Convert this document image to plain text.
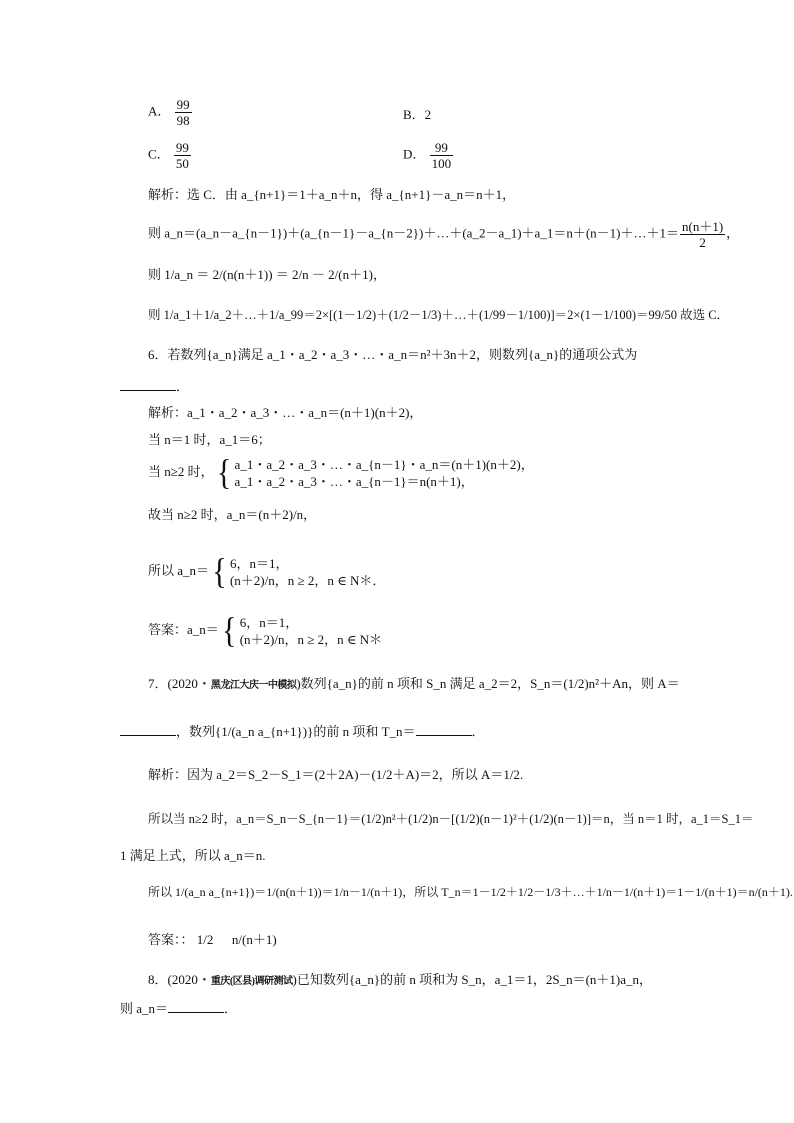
A． $\frac{99}{98}$	B．2
C． $\frac{99}{50}$	D． $\frac{99}{100}$
解析：选 C．由 a_{n+1}＝1＋a_n＋n，得 a_{n+1}－a_n＝n＋1，
则 a_n＝(a_n－a_{n－1})＋(a_{n－1}－a_{n－2})＋…＋(a_2－a_1)＋a_1＝n＋(n－1)＋…＋1＝ $\frac{n(n+1)}{2}$ ，
则 1/a_n ＝ 2/(n(n＋1)) ＝ 2/n － 2/(n＋1)，
则 1/a_1＋1/a_2＋…＋1/a_99＝2×[(1－1/2)＋(1/2－1/3)＋…＋(1/99－1/100)]＝2×(1－1/100)＝99/50 故选 C．
6．若数列{a_n}满足 a_1・a_2・a_3・…・a_n＝n²＋3n＋2，则数列{a_n}的通项公式为
．
解析：a_1・a_2・a_3・…・a_n＝(n＋1)(n＋2)，
当 n＝1 时，a_1＝6；
当 n≥2 时， { a_1・a_2・a_3・…・a_{n－1}・a_n＝(n＋1)(n＋2)，
a_1・a_2・a_3・…・a_{n－1}＝n(n＋1)，
故当 n≥2 时，a_n＝(n＋2)/n，
所以 a_n＝ { 6，n＝1，
(n＋2)/n，n ≥ 2，n ∈ N＊．
答案：a_n＝ { 6，n＝1，
(n＋2)/n，n ≥ 2，n ∈ N＊
7．(2020・黑龙江大庆一中模拟)数列{a_n}的前 n 项和 S_n 满足 a_2＝2，S_n＝(1/2)n²＋An，则 A＝
，数列{1/(a_n a_{n+1})}的前 n 项和 T_n＝	．
解析：因为 a_2＝S_2－S_1＝(2＋2A)－(1/2＋A)＝2，所以 A＝1/2.
所以当 n≥2 时，a_n＝S_n－S_{n－1}＝(1/2)n²＋(1/2)n－[(1/2)(n－1)²＋(1/2)(n－1)]＝n，当 n＝1 时，a_1＝S_1＝
1 满足上式，所以 a_n＝n.
所以 1/(a_n a_{n+1})＝1/(n(n＋1))＝1/n－1/(n＋1)，所以 T_n＝1－1/2＋1/2－1/3＋…＋1/n－1/(n＋1)＝1－1/(n＋1)＝n/(n＋1).
答案：： 1/2 n/(n＋1)
8．(2020・重庆(区县)调研测试)已知数列{a_n}的前 n 项和为 S_n，a_1＝1，2S_n＝(n＋1)a_n，
则 a_n＝	．
